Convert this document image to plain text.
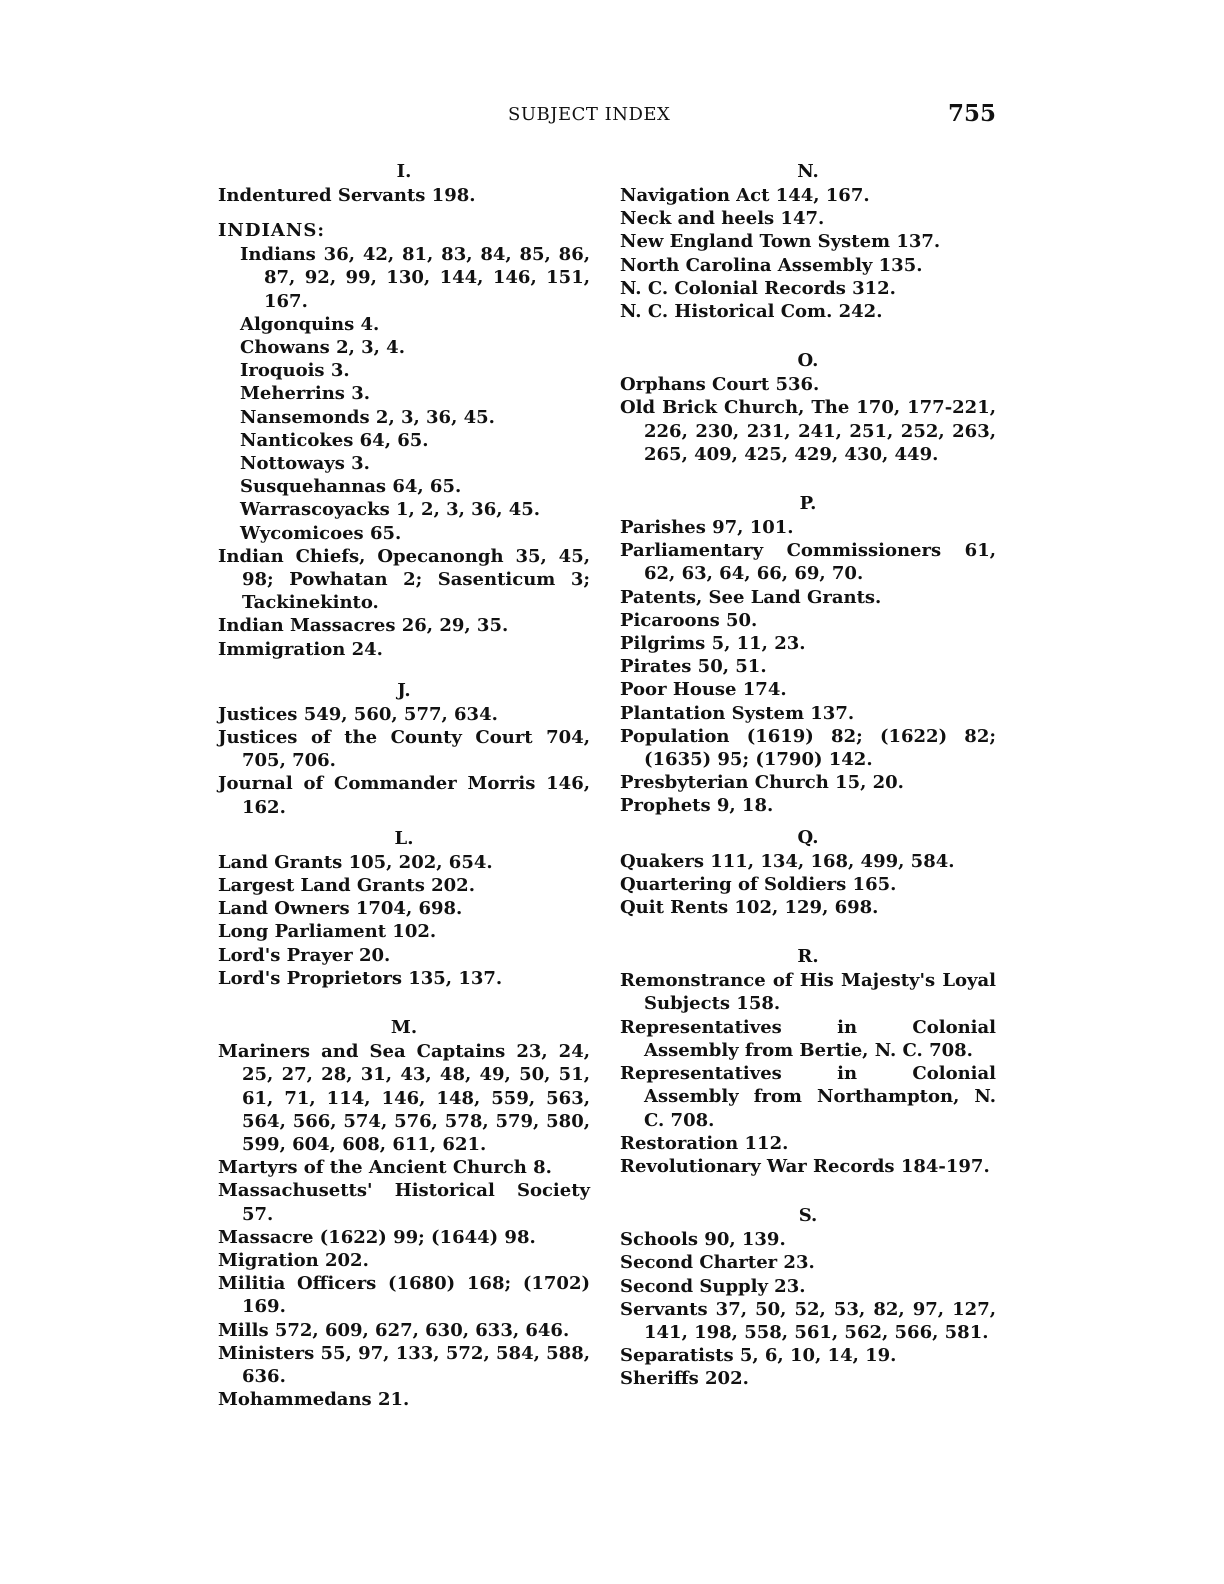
SUBJECT INDEX	755

I.

Indentured Servants 198.

INDIANS:

Indians 36, 42, 81, 83, 84, 85, 86, 87, 92, 99, 130, 144, 146, 151, 167.

Algonquins 4.

Chowans 2, 3, 4.

Iroquois 3.

Meherrins 3.

Nansemonds 2, 3, 36, 45.

Nanticokes 64, 65.

Nottoways 3.

Susquehannas 64, 65.

Warrascoyacks 1, 2, 3, 36, 45.

Wycomicoes 65.

Indian Chiefs, Opecanongh 35, 45, 98; Powhatan 2; Sasenticum 3; Tackinekinto.

Indian Massacres 26, 29, 35.

Immigration 24.

J.

Justices 549, 560, 577, 634.

Justices of the County Court 704, 705, 706.

Journal of Commander Morris 146, 162.

L.

Land Grants 105, 202, 654.

Largest Land Grants 202.

Land Owners 1704, 698.

Long Parliament 102.

Lord's Prayer 20.

Lord's Proprietors 135, 137.

M.

Mariners and Sea Captains 23, 24, 25, 27, 28, 31, 43, 48, 49, 50, 51, 61, 71, 114, 146, 148, 559, 563, 564, 566, 574, 576, 578, 579, 580, 599, 604, 608, 611, 621.

Martyrs of the Ancient Church 8.

Massachusetts' Historical Society 57.

Massacre (1622) 99; (1644) 98.

Migration 202.

Militia Officers (1680) 168; (1702) 169.

Mills 572, 609, 627, 630, 633, 646.

Ministers 55, 97, 133, 572, 584, 588, 636.

Mohammedans 21.

N.

Navigation Act 144, 167.

Neck and heels 147.

New England Town System 137.

North Carolina Assembly 135.

N. C. Colonial Records 312.

N. C. Historical Com. 242.

O.

Orphans Court 536.

Old Brick Church, The 170, 177-221, 226, 230, 231, 241, 251, 252, 263, 265, 409, 425, 429, 430, 449.

P.

Parishes 97, 101.

Parliamentary Commissioners 61, 62, 63, 64, 66, 69, 70.

Patents, See Land Grants.

Picaroons 50.

Pilgrims 5, 11, 23.

Pirates 50, 51.

Poor House 174.

Plantation System 137.

Population (1619) 82; (1622) 82; (1635) 95; (1790) 142.

Presbyterian Church 15, 20.

Prophets 9, 18.

Q.

Quakers 111, 134, 168, 499, 584.

Quartering of Soldiers 165.

Quit Rents 102, 129, 698.

R.

Remonstrance of His Majesty's Loyal Subjects 158.

Representatives in Colonial Assembly from Bertie, N. C. 708.

Representatives in Colonial Assembly from Northampton, N. C. 708.

Restoration 112.

Revolutionary War Records 184-197.

S.

Schools 90, 139.

Second Charter 23.

Second Supply 23.

Servants 37, 50, 52, 53, 82, 97, 127, 141, 198, 558, 561, 562, 566, 581.

Separatists 5, 6, 10, 14, 19.

Sheriffs 202.
